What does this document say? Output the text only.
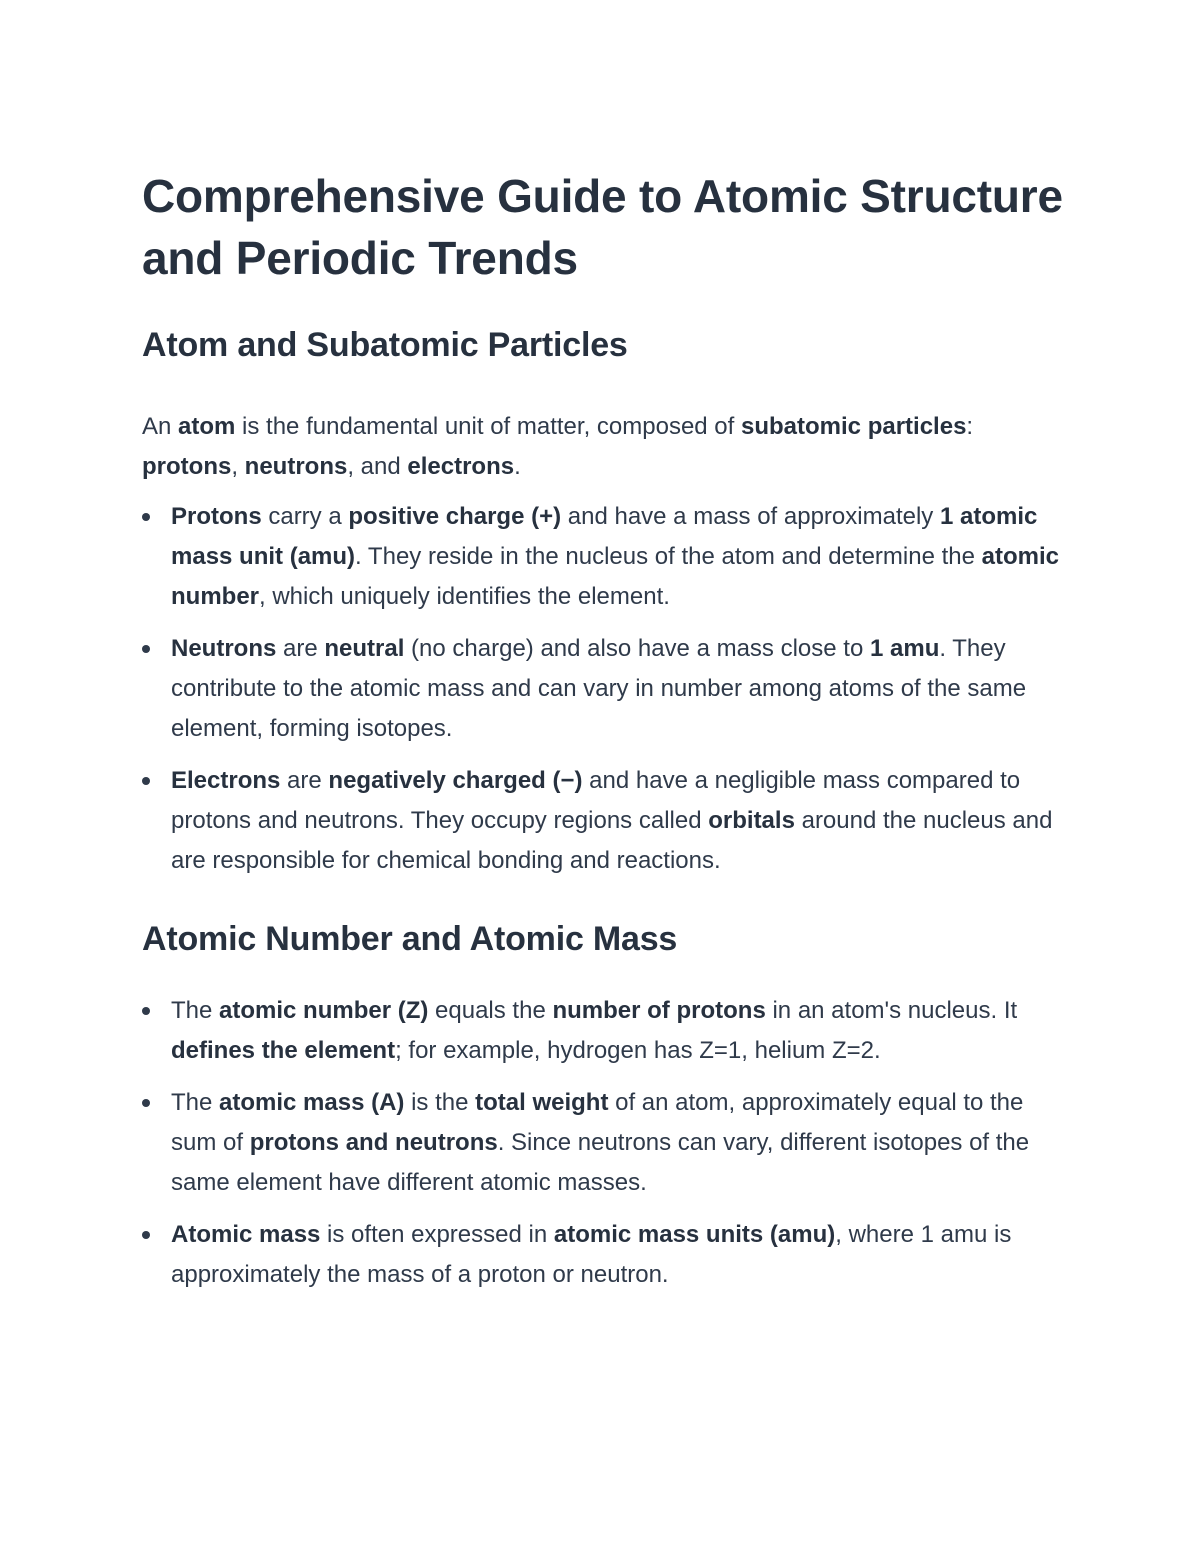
Comprehensive Guide to Atomic Structure and Periodic Trends
Atom and Subatomic Particles

An atom is the fundamental unit of matter, composed of subatomic particles: protons, neutrons, and electrons.

Protons carry a positive charge (+) and have a mass of approximately 1 atomic mass unit (amu). They reside in the nucleus of the atom and determine the atomic number, which uniquely identifies the element.
Neutrons are neutral (no charge) and also have a mass close to 1 amu. They contribute to the atomic mass and can vary in number among atoms of the same element, forming isotopes.
Electrons are negatively charged (−) and have a negligible mass compared to protons and neutrons. They occupy regions called orbitals around the nucleus and are responsible for chemical bonding and reactions.
Atomic Number and Atomic Mass
The atomic number (Z) equals the number of protons in an atom's nucleus. It defines the element; for example, hydrogen has Z=1, helium Z=2.
The atomic mass (A) is the total weight of an atom, approximately equal to the sum of protons and neutrons. Since neutrons can vary, different isotopes of the same element have different atomic masses.
Atomic mass is often expressed in atomic mass units (amu), where 1 amu is approximately the mass of a proton or neutron.
